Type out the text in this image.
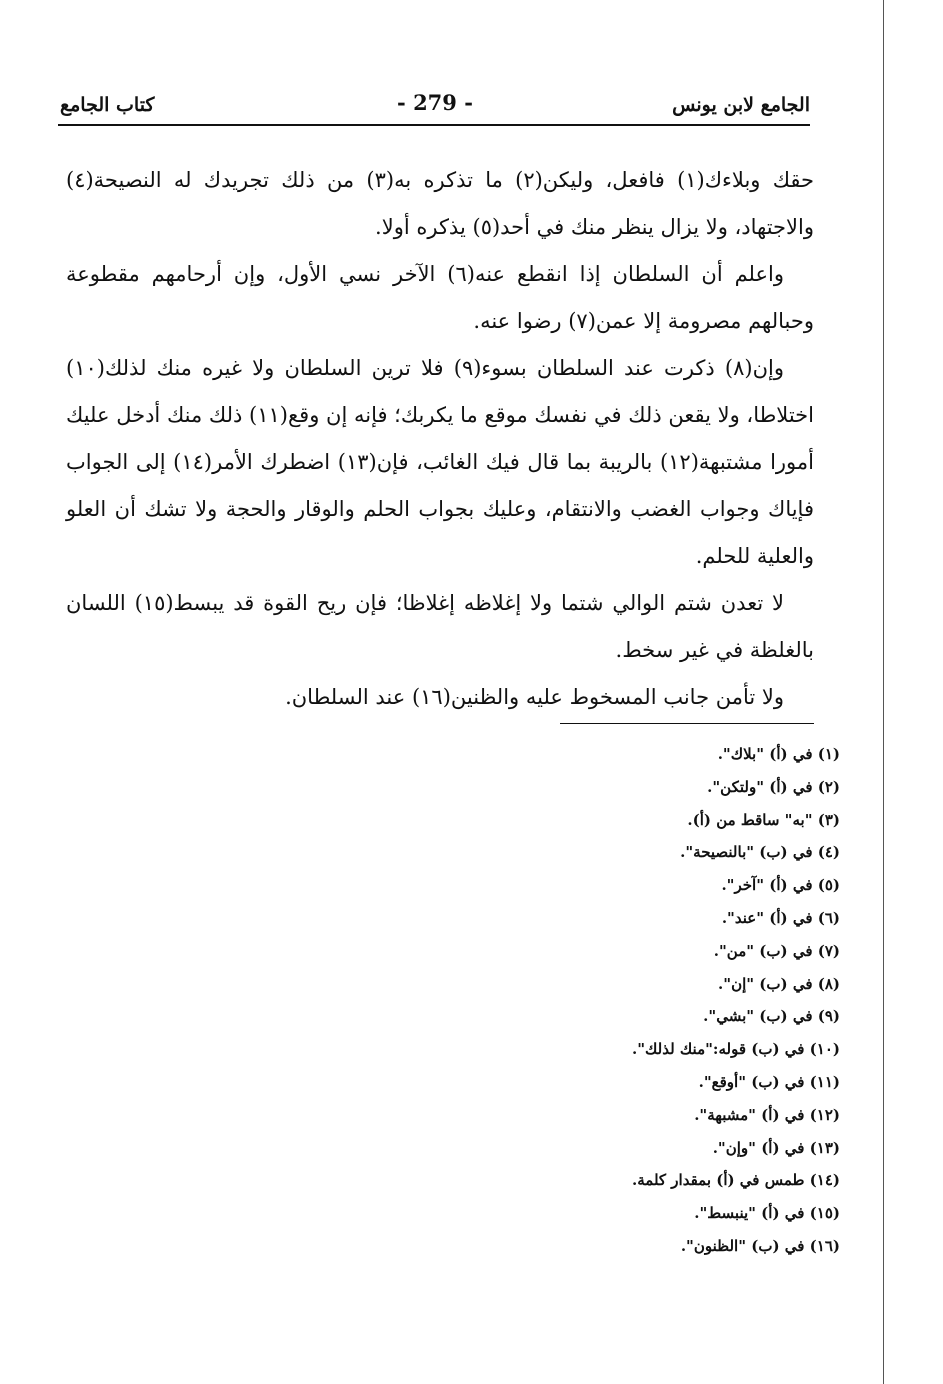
الجامع لابن يونس
- 279 -
كتاب الجامع

حقك وبلاءك(١) فافعل، وليكن(٢) ما تذكره به(٣) من ذلك تجريدك له النصيحة(٤) والاجتهاد، ولا يزال ينظر منك في أحد(٥) يذكره أولا.

واعلم أن السلطان إذا انقطع عنه(٦) الآخر نسي الأول، وإن أرحامهم مقطوعة وحبالهم مصرومة إلا عمن(٧) رضوا عنه.

وإن(٨) ذكرت عند السلطان بسوء(٩) فلا ترين السلطان ولا غيره منك لذلك(١٠) اختلاطا، ولا يقعن ذلك في نفسك موقع ما يكربك؛ فإنه إن وقع(١١) ذلك منك أدخل عليك أمورا مشتبهة(١٢) بالريبة بما قال فيك الغائب، فإن(١٣) اضطرك الأمر(١٤) إلى الجواب فإياك وجواب الغضب والانتقام، وعليك بجواب الحلم والوقار والحجة ولا تشك أن العلو والعلية للحلم.

لا تعدن شتم الوالي شتما ولا إغلاظه إغلاظا؛ فإن ريح القوة قد يبسط(١٥) اللسان بالغلظة في غير سخط.

ولا تأمن جانب المسخوط عليه والظنين(١٦) عند السلطان.

(١) في (أ) "بلاك".
(٢) في (أ) "ولتكن".
(٣) "به" ساقط من (أ).
(٤) في (ب) "بالنصيحة".
(٥) في (أ) "آخر".
(٦) في (أ) "عند".
(٧) في (ب) "من".
(٨) في (ب) "إن".
(٩) في (ب) "بشي".
(١٠) في (ب) قوله:"منك لذلك".
(١١) في (ب) "أوقع".
(١٢) في (أ) "مشبهة".
(١٣) في (أ) "وإن".
(١٤) طمس في (أ) بمقدار كلمة.
(١٥) في (أ) "ينبسط".
(١٦) في (ب) "الظنون".
